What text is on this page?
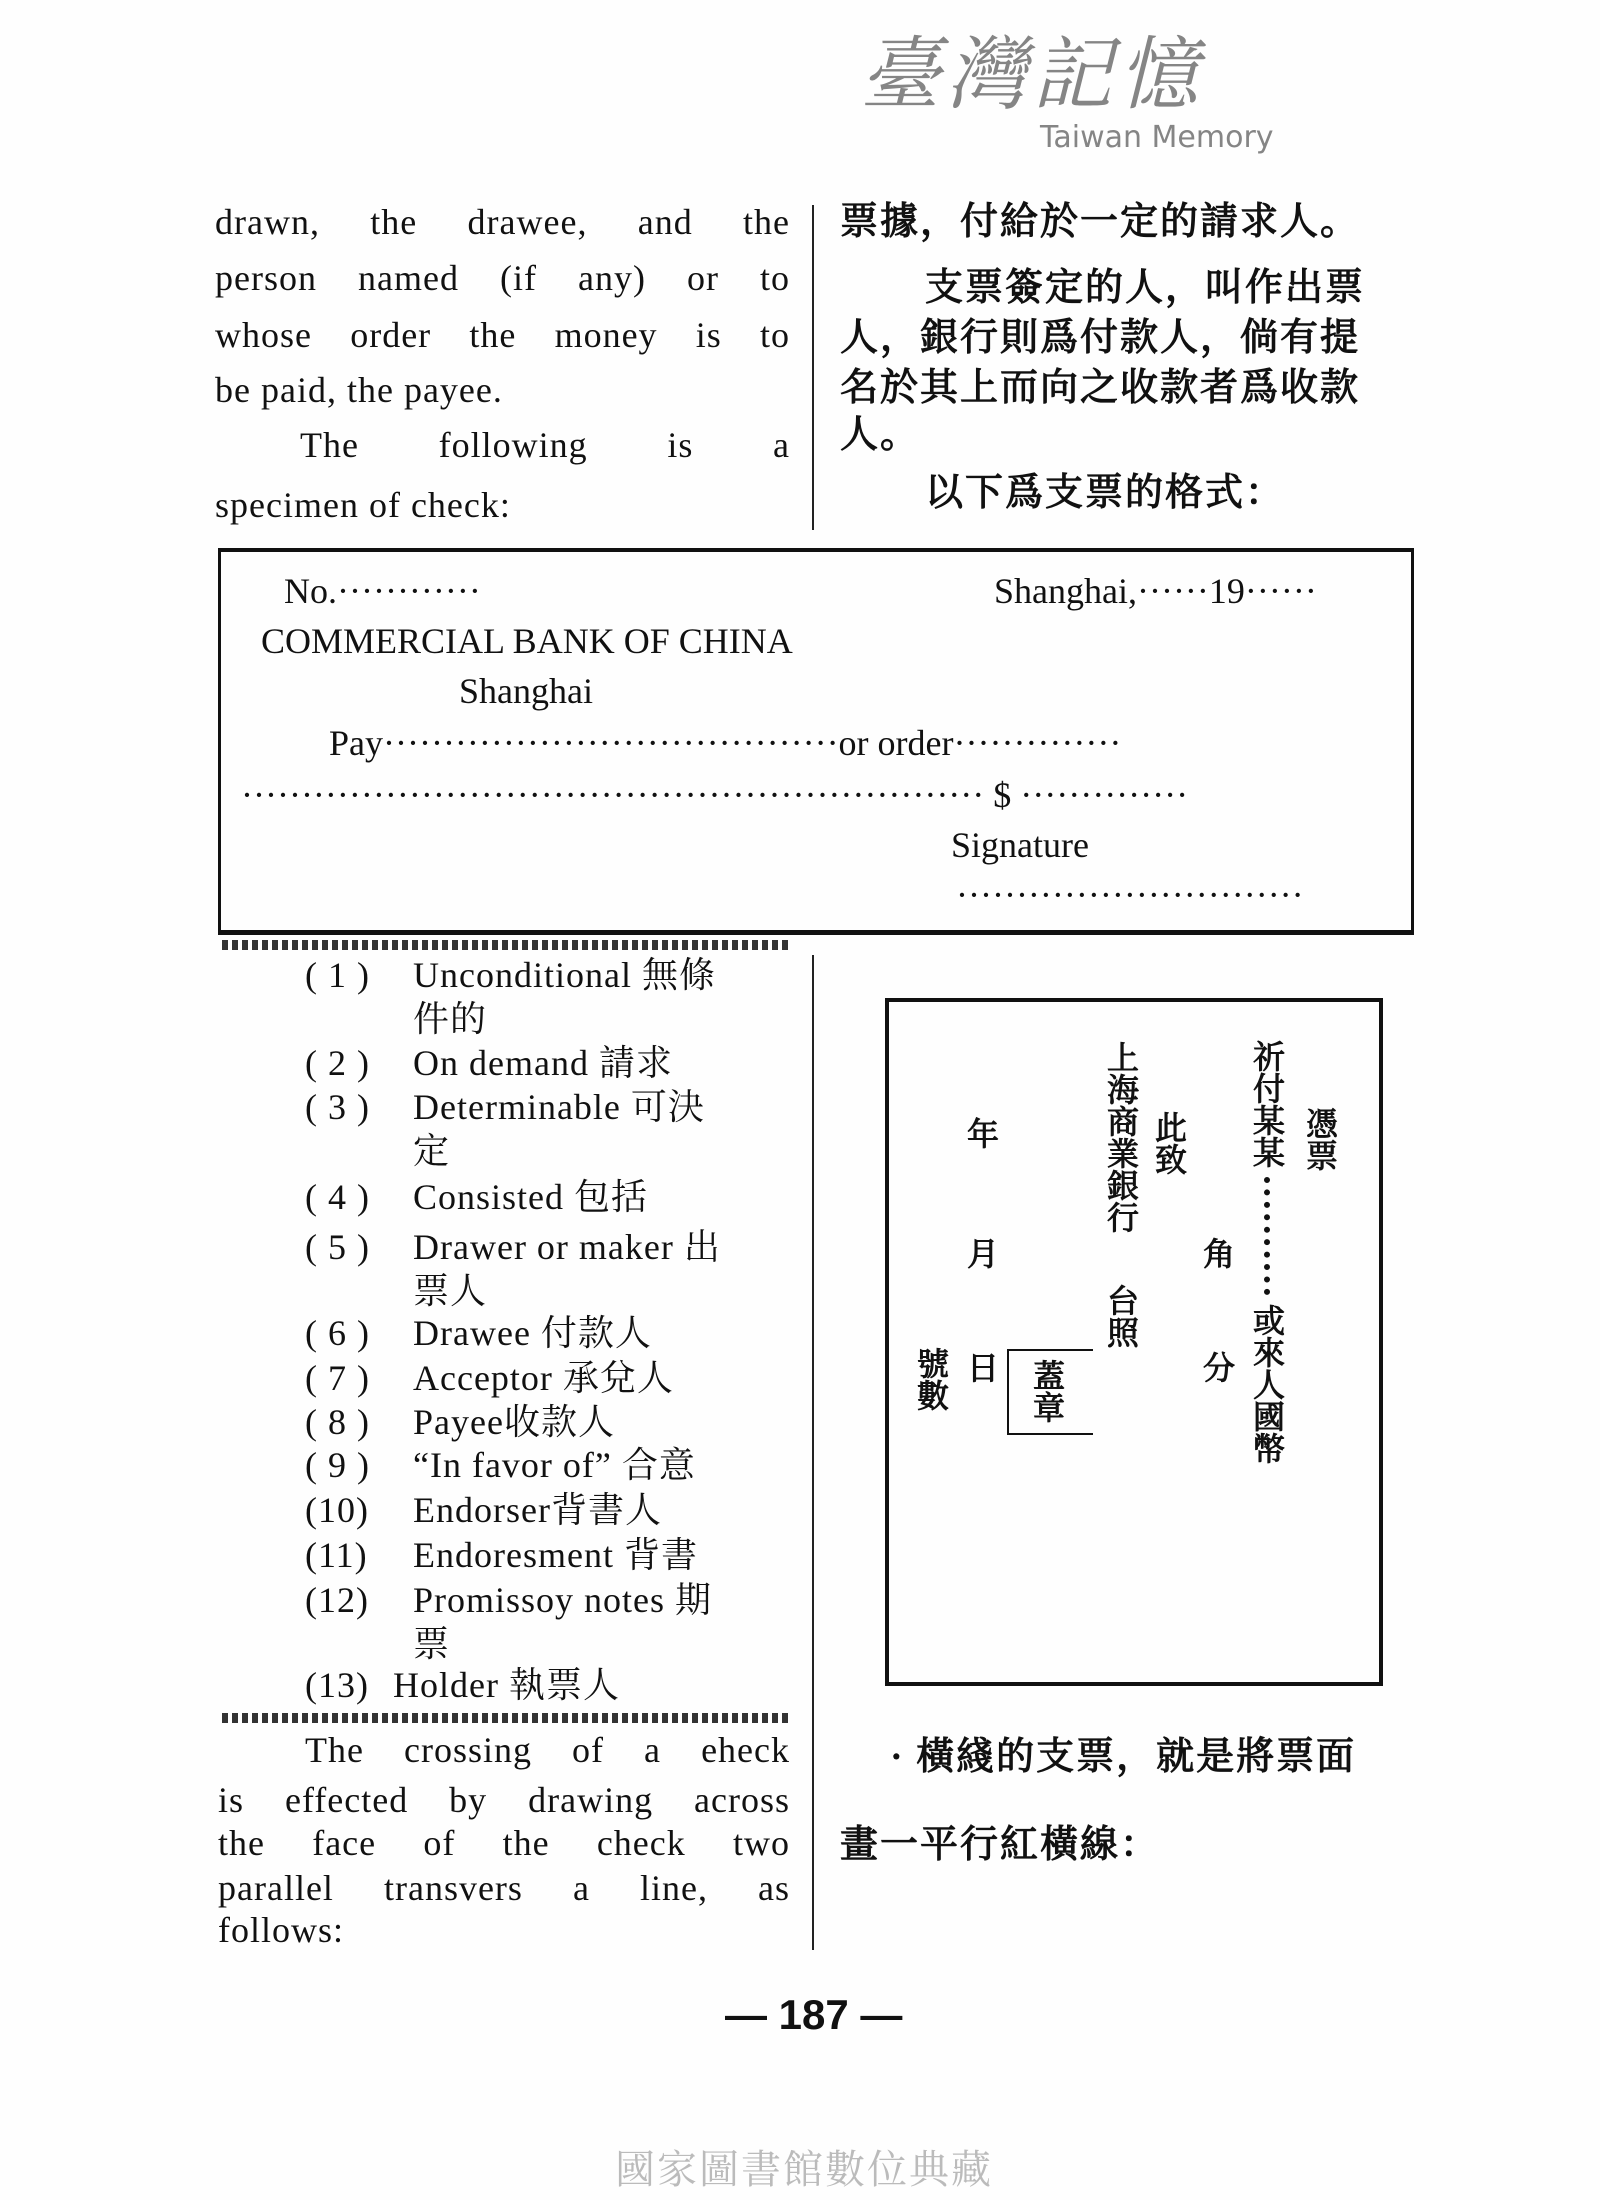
臺灣記憶
Taiwan Memory
drawn, the drawee, and the
person named (if any) or to
whose order the money is to
be paid, the payee.
The following is a
specimen of check:
票據，付給於一定的請求人。
支票簽定的人，叫作出票
人，銀行則爲付款人，倘有提
名於其上而向之收款者爲收款
人。
以下爲支票的格式：
No.············	Shanghai,······19······
COMMERCIAL BANK OF CHINA
Shanghai
Pay······································or order··············
······························································ $ ··············
Signature
·····························
( 1 ) Unconditional 無條
件的
( 2 ) On demand 請求
( 3 ) Determinable 可決
定
( 4 ) Consisted 包括
( 5 ) Drawer or maker 出
票人
( 6 ) Drawee 付款人
( 7 ) Acceptor 承兌人
( 8 ) Payee收款人
( 9 ) “In favor of” 合意
(10) Endorser背書人
(11) Endoresment 背書
(12) Promissoy notes 期
票
(13) Holder 執票人
憑票
祈付某某
或來人國幣
角
分
此致
上海商業銀行
台照
蓋章
年
月
日
號數
The crossing of a eheck
is effected by drawing across
the face of the check two
parallel transvers a line, as
follows:
· 橫綫的支票，就是將票面
畫一平行紅橫線：
— 187 —
國家圖書館數位典藏
